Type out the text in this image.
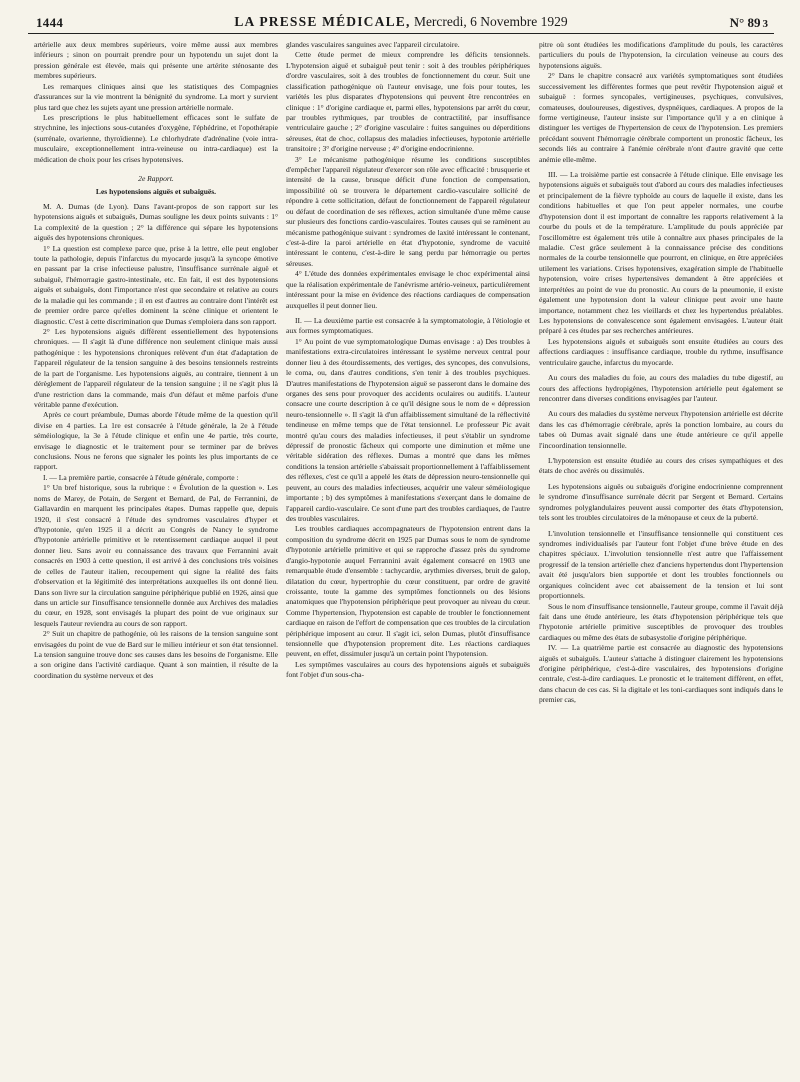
1444	LA PRESSE MÉDICALE, Mercredi, 6 Novembre 1929	N° 89 3

artérielle aux deux membres supérieurs, voire même aussi aux membres inférieurs ; sinon on pourrait prendre pour un hypotendu un sujet dont la pression générale est élevée, mais qui présente une artérite sténosante des membres supérieurs.

Les remarques cliniques ainsi que les statistiques des Compagnies d'assurances sur la vie montrent la bénignité du syndrome. La mort y survient plus tard que chez les sujets ayant une pression artérielle normale.

Les prescriptions le plus habituellement efficaces sont le sulfate de strychnine, les injections sous-cutanées d'oxygène, l'éphédrine, et l'opothérapie (surrénale, ovarienne, thyroïdienne). Le chlorhydrate d'adrénaline (voie intra-musculaire, exceptionnellement intra-veineuse ou intra-cardiaque) est la médication de choix pour les crises hypotensives.

2e Rapport.

Les hypotensions aiguës et subaiguës.

M. A. Dumas (de Lyon). Dans l'avant-propos de son rapport sur les hypotensions aiguës et subaiguës, Dumas souligne les deux points suivants : 1° La complexité de la question ; 2° la différence qui sépare les hypotensions aiguës des hypotensions chroniques.

1° La question est complexe parce que, prise à la lettre, elle peut englober toute la pathologie, depuis l'infarctus du myocarde jusqu'à la syncope émotive en passant par la crise infectieuse palustre, l'insuffisance surrénale aiguë et subaiguë, l'hémorragie gastro-intestinale, etc. En fait, il est des hypotensions aiguës et subaiguës, dont l'importance n'est que secondaire et relative au cours de la maladie qui les commande ; il en est d'autres au contraire dont l'intérêt est de premier ordre parce qu'elles dominent la scène clinique et orientent le diagnostic. C'est à cette discrimination que Dumas s'emploiera dans son rapport.

2° Les hypotensions aiguës diffèrent essentiellement des hypotensions chroniques. — Il s'agit là d'une différence non seulement clinique mais aussi pathogénique : les hypotensions chroniques relèvent d'un état d'adaptation de l'appareil régulateur de la tension sanguine à des besoins tensionnels restreints de la part de l'organisme. Les hypotensions aiguës, au contraire, tiennent à un dérèglement de l'appareil régulateur de la tension sanguine ; il ne s'agit plus là d'une restriction dans la commande, mais d'un défaut et même parfois d'une véritable panne d'exécution.

Après ce court préambule, Dumas aborde l'étude même de la question qu'il divise en 4 parties. La 1re est consacrée à l'étude générale, la 2e à l'étude séméiologique, la 3e à l'étude clinique et enfin une 4e partie, très courte, envisage le diagnostic et le traitement pour se terminer par de brèves conclusions. Nous ne ferons que signaler les points les plus importants de ce rapport.

I. — La première partie, consacrée à l'étude générale, comporte :

1° Un bref historique, sous la rubrique : « Évolution de la question ». Les noms de Marey, de Potain, de Sergent et Bernard, de Pal, de Ferrannini, de Gallavardin en marquent les principales étapes. Dumas rappelle que, depuis 1920, il s'est consacré à l'étude des syndromes vasculaires d'hyper et d'hypotonie, qu'en 1925 il a décrit au Congrès de Nancy le syndrome d'hypotonie artérielle primitive et le retentissement cardiaque auquel il peut donner lieu. Sans avoir eu connaissance des travaux que Ferrannini avait consacrés en 1903 à cette question, il est arrivé à des conclusions très voisines de celles de l'auteur italien, recoupement qui signe la réalité des faits d'observation et la légitimité des interprétations auxquelles ils ont donné lieu. Dans son livre sur la circulation sanguine périphérique publié en 1926, ainsi que dans un article sur l'insuffisance tensionnelle donnée aux Archives des maladies du cœur, en 1928, sont envisagés la plupart des point de vue originaux sur lesquels l'auteur reviendra au cours de son rapport.

2° Suit un chapitre de pathogénie, où les raisons de la tension sanguine sont envisagées du point de vue de Bard sur le milieu intérieur et son état tensionnel. La tension sanguine trouve donc ses causes dans les besoins de l'organisme. Elle a son origine dans l'activité cardiaque. Quant à son maintien, il résulte de la coordination du système nerveux et des

glandes vasculaires sanguines avec l'appareil circulatoire.

Cette étude permet de mieux comprendre les déficits tensionnels. L'hypotension aiguë et subaiguë peut tenir : soit à des troubles périphériques d'ordre vasculaires, soit à des troubles de fonctionnement du cœur. Suit une classification pathogénique où l'auteur envisage, une fois pour toutes, les variétés les plus disparates d'hypotensions qui peuvent être rencontrées en clinique : 1° d'origine cardiaque et, parmi elles, hypotensions par arrêt du cœur, par troubles rythmiques, par troubles de contractilité, par insuffisance ventriculaire gauche ; 2° d'origine vasculaire : fuites sanguines ou déperditions séreuses, état de choc, collapsus des maladies infectieuses, hypotonie artérielle transitoire ; 3° d'origine nerveuse ; 4° d'origine endocrinienne.

3° Le mécanisme pathogénique résume les conditions susceptibles d'empêcher l'appareil régulateur d'exercer son rôle avec efficacité : brusquerie et intensité de la cause, brusque déficit d'une fonction de compensation, impossibilité où se trouvera le département cardio-vasculaire sollicité de répondre à cette sollicitation, défaut de fonctionnement de l'appareil régulateur ou défaut de coordination de ses réflexes, action simultanée d'une même cause sur plusieurs des fonctions cardio-vasculaires. Toutes causes qui se ramènent au mécanisme pathogénique suivant : syndromes de laxité intéressant le contenant, c'est-à-dire la paroi artérielle en état d'hypotonie, syndrome de vacuité intéressant le contenu, c'est-à-dire le sang perdu par hémorragie ou pertes séreuses.

4° L'étude des données expérimentales envisage le choc expérimental ainsi que la réalisation expérimentale de l'anévrisme artério-veineux, particulièrement intéressant pour la mise en évidence des réactions cardiaques de compensation auxquelles il peut donner lieu.

II. — La deuxième partie est consacrée à la symptomatologie, à l'étiologie et aux formes symptomatiques.

1° Au point de vue symptomatologique Dumas envisage : a) Des troubles à manifestations extra-circulatoires intéressant le système nerveux central pour donner lieu à des étourdissements, des vertiges, des syncopes, des convulsions, le coma, ou, dans d'autres conditions, s'en tenir à des troubles psychiques. D'autres manifestations de l'hypotension aiguë se passeront dans le domaine des organes des sens pour provoquer des accidents oculaires ou auditifs. L'auteur consacre une courte description à ce qu'il désigne sous le nom de « dépression neuro-tensionnelle ». Il s'agit là d'un affaiblissement simultané de la réflectivité tendineuse en même temps que de l'état tensionnel. Le professeur Pic avait montré qu'au cours des maladies infectieuses, il peut s'établir un syndrome dépressif de pronostic fâcheux qui comporte une diminution et même une véritable sidération des réflexes. Dumas a montré que dans les mêmes conditions la tension artérielle s'abaissait proportionnellement à l'affaiblissement des réflexes, c'est ce qu'il a appelé les états de dépression neuro-tensionnelle qui peuvent, au cours des maladies infectieuses, acquérir une valeur séméiologique importante ; b) des symptômes à manifestations s'exerçant dans le domaine de l'appareil cardio-vasculaire. Ce sont d'une part des troubles cardiaques, de l'autre des troubles vasculaires.

Les troubles cardiaques accompagnateurs de l'hypotension entrent dans la composition du syndrome décrit en 1925 par Dumas sous le nom de syndrome d'hypotonie artérielle primitive et qui se rapproche d'assez près du syndrome d'angio-hypotonie auquel Ferrannini avait également consacré en 1903 une remarquable étude d'ensemble : tachycardie, arythmies diverses, bruit de galop, dilatation du cœur, hypertrophie du cœur constituent, par ordre de gravité croissante, toute la gamme des symptômes fonctionnels ou des lésions anatomiques que l'hypotension périphérique peut provoquer au niveau du cœur. Comme l'hypertension, l'hypotension est capable de troubler le fonctionnement cardiaque en raison de l'effort de compensation que ces troubles de la circulation périphérique imposent au cœur. Il s'agit ici, selon Dumas, plutôt d'insuffisance tensionnelle que d'hypotension proprement dite. Les réactions cardiaques peuvent, en effet, dissimuler jusqu'à un certain point l'hypotension.

Les symptômes vasculaires au cours des hypotensions aiguës et subaiguës font l'objet d'un sous-cha-

pitre où sont étudiées les modifications d'amplitude du pouls, les caractères particuliers du pouls de l'hypotension, la circulation veineuse au cours des hypotensions aiguës.

2° Dans le chapitre consacré aux variétés symptomatiques sont étudiées successivement les différentes formes que peut revêtir l'hypotension aiguë et subaiguë : formes syncopales, vertigineuses, psychiques, convulsives, comateuses, douloureuses, digestives, dyspnéiques, cardiaques. A propos de la forme vertigineuse, l'auteur insiste sur l'importance qu'il y a en clinique à distinguer les vertiges de l'hypertension de ceux de l'hypotension. Les premiers précédant souvent l'hémorragie cérébrale comportent un pronostic fâcheux, les seconds liés au contraire à l'anémie cérébrale n'ont d'autre gravité que cette anémie elle-même.

III. — La troisième partie est consacrée à l'étude clinique. Elle envisage les hypotensions aiguës et subaiguës tout d'abord au cours des maladies infectieuses et principalement de la fièvre typhoïde au cours de laquelle il existe, dans les conditions habituelles et que l'on peut appeler normales, une courbe d'hypotension dont il est important de connaître les rapports relativement à la courbe du pouls et de la température. L'amplitude du pouls appréciée par l'oscillomètre est également très utile à connaître aux phases principales de la maladie. C'est grâce seulement à la connaissance précise des conditions normales de la courbe tensionnelle que pourront, en clinique, en être appréciées utilement les variations. Crises hypotensives, exagération simple de l'habituelle hypotension, voire crises hypertensives demandent à être appréciées et interprétées au point de vue du pronostic. Au cours de la pneumonie, il existe également une hypotension dont la valeur clinique peut avoir une haute importance, notamment chez les vieillards et chez les hypertendus préalables. Les hypotensions de convalescence sont également envisagées. L'auteur était préparé à ces études par ses recherches antérieures.

Les hypotensions aiguës et subaiguës sont ensuite étudiées au cours des affections cardiaques : insuffisance cardiaque, trouble du rythme, insuffisance ventriculaire gauche, infarctus du myocarde.

Au cours des maladies du foie, au cours des maladies du tube digestif, au cours des affections hydropigènes, l'hypotension artérielle peut également se rencontrer dans diverses conditions envisagées par l'auteur.

Au cours des maladies du système nerveux l'hypotension artérielle est décrite dans les cas d'hémorragie cérébrale, après la ponction lombaire, au cours du tabes où Dumas avait signalé dans une étude antérieure ce qu'il appelle l'incoordination tensionnelle.

L'hypotension est ensuite étudiée au cours des crises sympathiques et des états de choc avérés ou dissimulés.

Les hypotensions aiguës ou subaiguës d'origine endocrinienne comprennent le syndrome d'insuffisance surrénale décrit par Sergent et Bernard. Certains syndromes polyglandulaires peuvent aussi comporter des états d'hypotension, tels sont les troubles circulatoires de la ménopause et ceux de la puberté.

L'involution tensionnelle et l'insuffisance tensionnelle qui constituent ces syndromes individualisés par l'auteur font l'objet d'une brève étude en des chapitres spéciaux. L'involution tensionnelle n'est autre que l'affaissement progressif de la tension artérielle chez d'anciens hypertendus dont l'hypertension avait été jusqu'alors bien supportée et dont les troubles fonctionnels ou organiques coïncident avec cet abaissement de la tension et lui sont proportionnels.

Sous le nom d'insuffisance tensionnelle, l'auteur groupe, comme il l'avait déjà fait dans une étude antérieure, les états d'hypotension périphérique tels que l'hypotonie artérielle primitive susceptibles de provoquer des troubles cardiaques ou même des états de subasystolie d'origine périphérique.

IV. — La quatrième partie est consacrée au diagnostic des hypotensions aiguës et subaiguës. L'auteur s'attache à distinguer clairement les hypotensions d'origine périphérique, c'est-à-dire vasculaires, des hypotensions d'origine centrale, c'est-à-dire cardiaques. Le pronostic et le traitement diffèrent, en effet, dans chacun de ces cas. Si la digitale et les toni-cardiaques sont indiqués dans le premier cas,
